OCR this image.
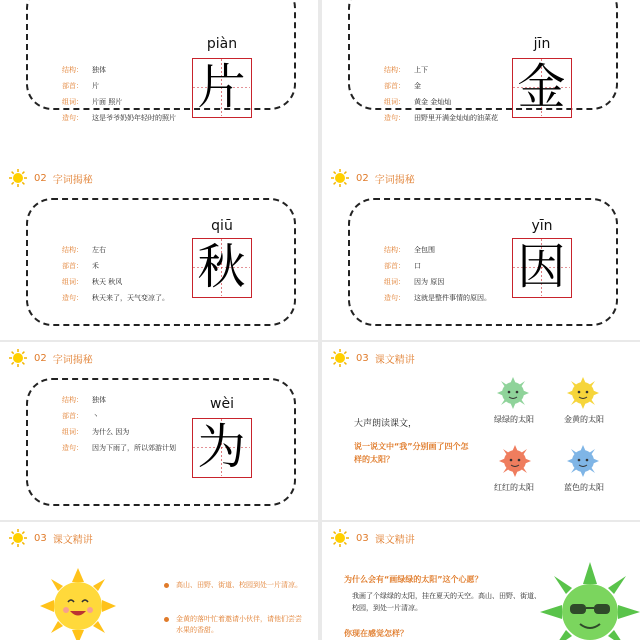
结构： 独体
部首： 片
组词： 片面 照片
造句： 这是爷爷奶奶年轻时的照片
piàn
片	结构： 上下
部首： 金
组词： 黄金 金灿灿
造句： 田野里开满金灿灿的油菜花
jīn
金
02 字词揭秘
结构： 左右
部首： 禾
组词： 秋天 秋风
造句： 秋天来了，天气变凉了。
qiū
秋
02 字词揭秘
结构： 全包围
部首： 口
组词： 因为 原因
造句： 这就是整件事情的原因。
yīn
因
02 字词揭秘
结构： 独体
部首： 丶
组词： 为什么 因为
造句： 因为下雨了，所以郊游计划
wèi
为
03 课文精讲
大声朗读课文，
说一说文中“我”分别画了四个怎样的太阳？
绿绿的太阳	金黄的太阳
红红的太阳	蓝色的太阳
03 课文精讲
高山、田野、街道、校园到处一片清凉。
金黄的落叶忙着邀请小伙伴，请他们尝尝水果的香甜。
03 课文精讲
为什么会有“画绿绿的太阳”这个心愿？
我画了个绿绿的太阳，挂在夏天的天空。高山、田野、街道、校园，到处一片清凉。
你现在感觉怎样？
